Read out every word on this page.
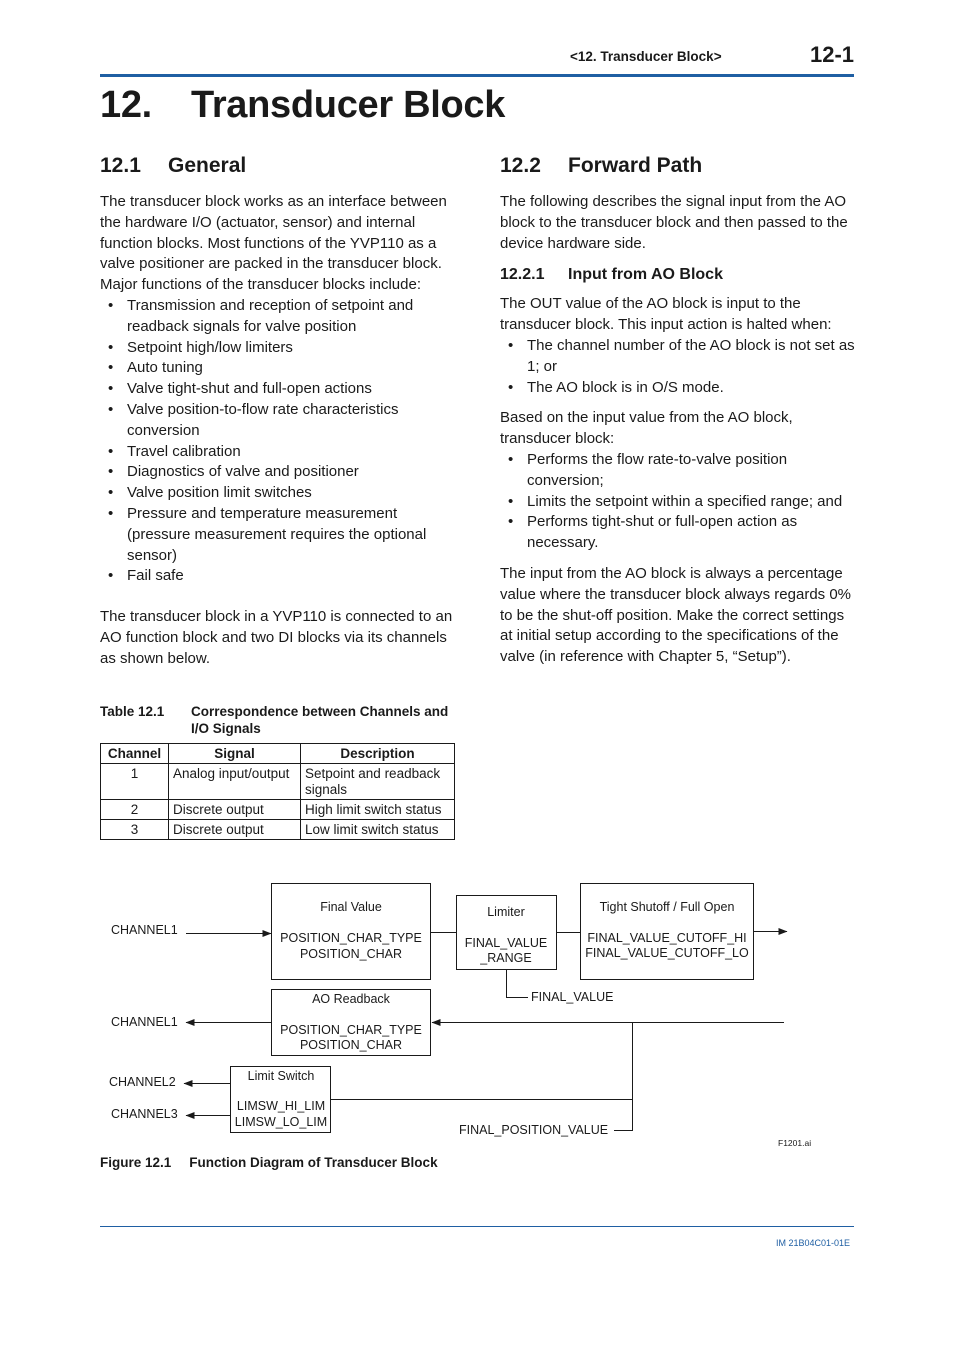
<12. Transducer Block>	12-1
12. Transducer Block
12.1 General

The transducer block works as an interface between the hardware I/O (actuator, sensor) and internal function blocks. Most functions of the YVP110 as a valve positioner are packed in the transducer block. Major functions of the transducer blocks include:

• Transmission and reception of setpoint and readback signals for valve position
• Setpoint high/low limiters
• Auto tuning
• Valve tight-shut and full-open actions
• Valve position-to-flow rate characteristics conversion
• Travel calibration
• Diagnostics of valve and positioner
• Valve position limit switches
• Pressure and temperature measurement (pressure measurement requires the optional sensor)
• Fail safe

The transducer block in a YVP110 is connected to an AO function block and two DI blocks via its channels as shown below.

Table 12.1 Correspondence between Channels and I/O Signals
Channel	Signal	Description
1	Analog input/output	Setpoint and readback signals
2	Discrete output	High limit switch status
3	Discrete output	Low limit switch status
12.2 Forward Path

The following describes the signal input from the AO block to the transducer block and then passed to the device hardware side.

12.2.1 Input from AO Block

The OUT value of the AO block is input to the transducer block. This input action is halted when:

• The channel number of the AO block is not set as 1; or
• The AO block is in O/S mode.

Based on the input value from the AO block, transducer block:

• Performs the flow rate-to-valve position conversion;
• Limits the setpoint within a specified range; and
• Performs tight-shut or full-open action as necessary.

The input from the AO block is always a percentage value where the transducer block always regards 0% to be the shut-off position. Make the correct settings at initial setup according to the specifications of the valve (in reference with Chapter 5, “Setup”).

Final Value
POSITION_CHAR_TYPE
POSITION_CHAR
Limiter
FINAL_VALUE
_RANGE
Tight Shutoff / Full Open
FINAL_VALUE_CUTOFF_HI
FINAL_VALUE_CUTOFF_LO
AO Readback
POSITION_CHAR_TYPE
POSITION_CHAR
Limit Switch
LIMSW_HI_LIM
LIMSW_LO_LIM
CHANNEL1
CHANNEL1
CHANNEL2
CHANNEL3
FINAL_VALUE
FINAL_POSITION_VALUE
F1201.ai
Figure 12.1 Function Diagram of Transducer Block
IM 21B04C01-01E
